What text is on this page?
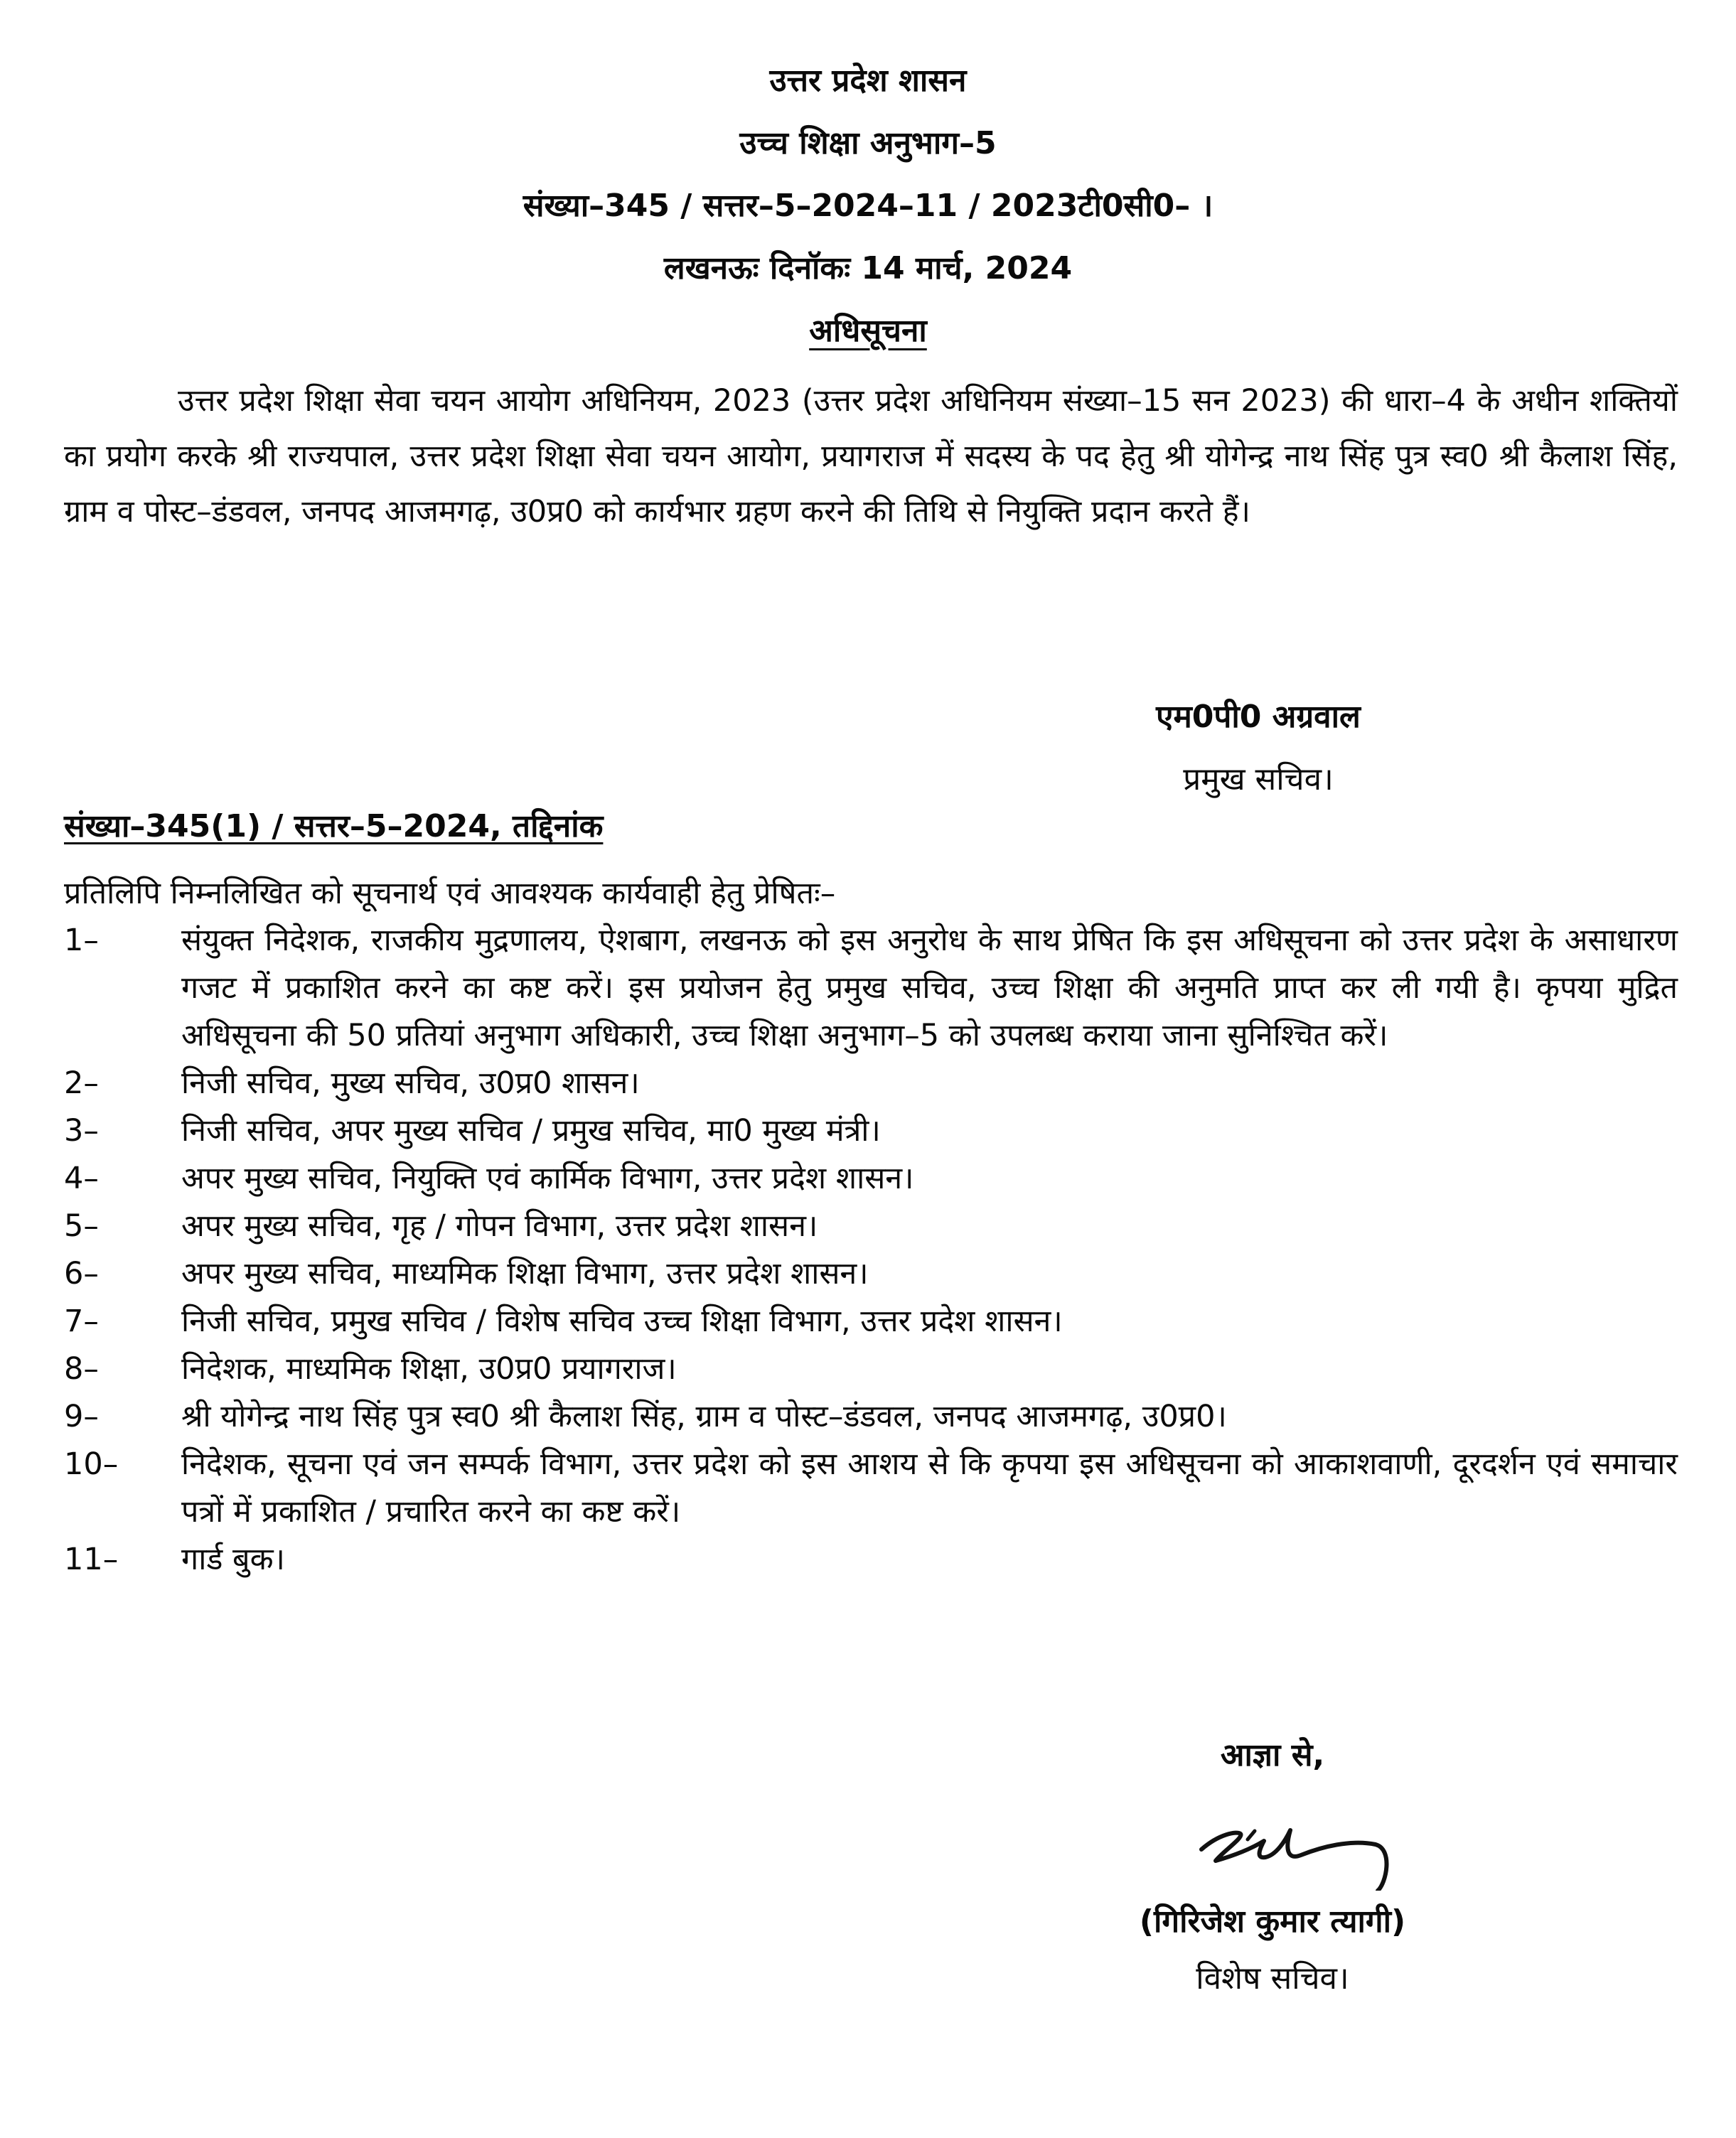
उत्तर प्रदेश शासन
उच्च शिक्षा अनुभाग–5
संख्या–345 / सत्तर–5–2024–11 / 2023टी0सी0– ।
लखनऊः दिनॉकः 14 मार्च, 2024
अधिसूचना
उत्तर प्रदेश शिक्षा सेवा चयन आयोग अधिनियम, 2023 (उत्तर प्रदेश अधिनियम संख्या–15 सन 2023) की धारा–4 के अधीन शक्तियों का प्रयोग करके श्री राज्यपाल, उत्तर प्रदेश शिक्षा सेवा चयन आयोग, प्रयागराज में सदस्य के पद हेतु श्री योगेन्द्र नाथ सिंह पुत्र स्व0 श्री कैलाश सिंह, ग्राम व पोस्ट–डंडवल, जनपद आजमगढ़, उ0प्र0 को कार्यभार ग्रहण करने की तिथि से नियुक्ति प्रदान करते हैं।
एम0पी0 अग्रवाल
प्रमुख सचिव।
संख्या–345(1) / सत्तर–5–2024, तद्दिनांक
प्रतिलिपि निम्नलिखित को सूचनार्थ एवं आवश्यक कार्यवाही हेतु प्रेषितः–
1–	संयुक्त निदेशक, राजकीय मुद्रणालय, ऐशबाग, लखनऊ को इस अनुरोध के साथ प्रेषित कि इस अधिसूचना को उत्तर प्रदेश के असाधारण गजट में प्रकाशित करने का कष्ट करें। इस प्रयोजन हेतु प्रमुख सचिव, उच्च शिक्षा की अनुमति प्राप्त कर ली गयी है। कृपया मुद्रित अधिसूचना की 50 प्रतियां अनुभाग अधिकारी, उच्च शिक्षा अनुभाग–5 को उपलब्ध कराया जाना सुनिश्चित करें।
2–	निजी सचिव, मुख्य सचिव, उ0प्र0 शासन।
3–	निजी सचिव, अपर मुख्य सचिव / प्रमुख सचिव, मा0 मुख्य मंत्री।
4–	अपर मुख्य सचिव, नियुक्ति एवं कार्मिक विभाग, उत्तर प्रदेश शासन।
5–	अपर मुख्य सचिव, गृह / गोपन विभाग, उत्तर प्रदेश शासन।
6–	अपर मुख्य सचिव, माध्यमिक शिक्षा विभाग, उत्तर प्रदेश शासन।
7–	निजी सचिव, प्रमुख सचिव / विशेष सचिव उच्च शिक्षा विभाग, उत्तर प्रदेश शासन।
8–	निदेशक, माध्यमिक शिक्षा, उ0प्र0 प्रयागराज।
9–	श्री योगेन्द्र नाथ सिंह पुत्र स्व0 श्री कैलाश सिंह, ग्राम व पोस्ट–डंडवल, जनपद आजमगढ़, उ0प्र0।
10–	निदेशक, सूचना एवं जन सम्पर्क विभाग, उत्तर प्रदेश को इस आशय से कि कृपया इस अधिसूचना को आकाशवाणी, दूरदर्शन एवं समाचार पत्रों में प्रकाशित / प्रचारित करने का कष्ट करें।
11–	गार्ड बुक।
आज्ञा से,
(गिरिजेश कुमार त्यागी)
विशेष सचिव।
